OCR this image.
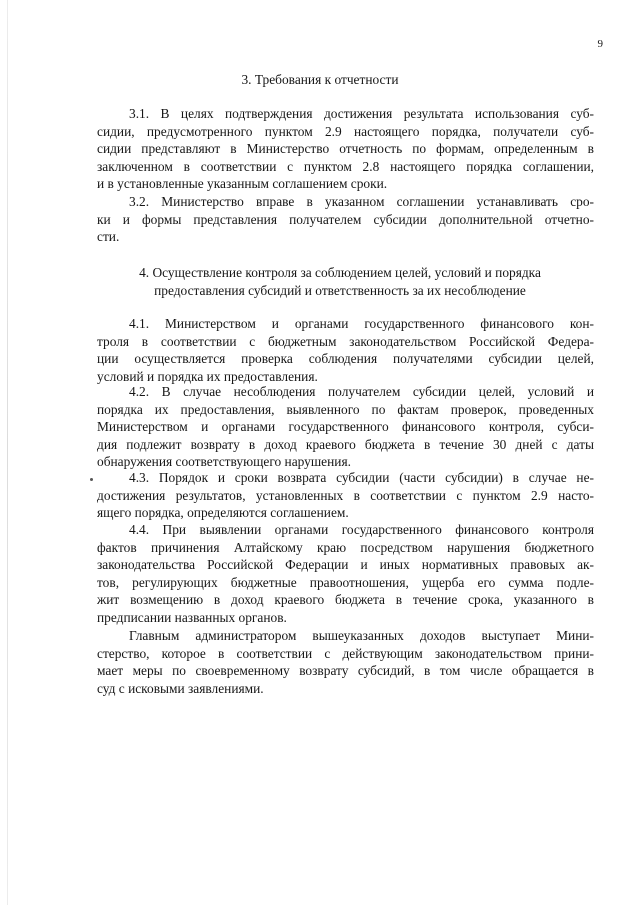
9
3. Требования к отчетности
3.1. В целях подтверждения достижения результата использования суб-
сидии, предусмотренного пунктом 2.9 настоящего порядка, получатели суб-
сидии представляют в Министерство отчетность по формам, определенным в
заключенном в соответствии с пунктом 2.8 настоящего порядка соглашении,
и в установленные указанным соглашением сроки.
3.2. Министерство вправе в указанном соглашении устанавливать сро-
ки и формы представления получателем субсидии дополнительной отчетно-
сти.
4. Осуществление контроля за соблюдением целей, условий и порядка
предоставления субсидий и ответственность за их несоблюдение
4.1. Министерством и органами государственного финансового кон-
троля в соответствии с бюджетным законодательством Российской Федера-
ции осуществляется проверка соблюдения получателями субсидии целей,
условий и порядка их предоставления.
4.2. В случае несоблюдения получателем субсидии целей, условий и
порядка их предоставления, выявленного по фактам проверок, проведенных
Министерством и органами государственного финансового контроля, субси-
дия подлежит возврату в доход краевого бюджета в течение 30 дней с даты
обнаружения соответствующего нарушения.
4.3. Порядок и сроки возврата субсидии (части субсидии) в случае не-
достижения результатов, установленных в соответствии с пунктом 2.9 насто-
ящего порядка, определяются соглашением.
4.4. При выявлении органами государственного финансового контроля
фактов причинения Алтайскому краю посредством нарушения бюджетного
законодательства Российской Федерации и иных нормативных правовых ак-
тов, регулирующих бюджетные правоотношения, ущерба его сумма подле-
жит возмещению в доход краевого бюджета в течение срока, указанного в
предписании названных органов.
Главным администратором вышеуказанных доходов выступает Мини-
стерство, которое в соответствии с действующим законодательством прини-
мает меры по своевременному возврату субсидий, в том числе обращается в
суд с исковыми заявлениями.
